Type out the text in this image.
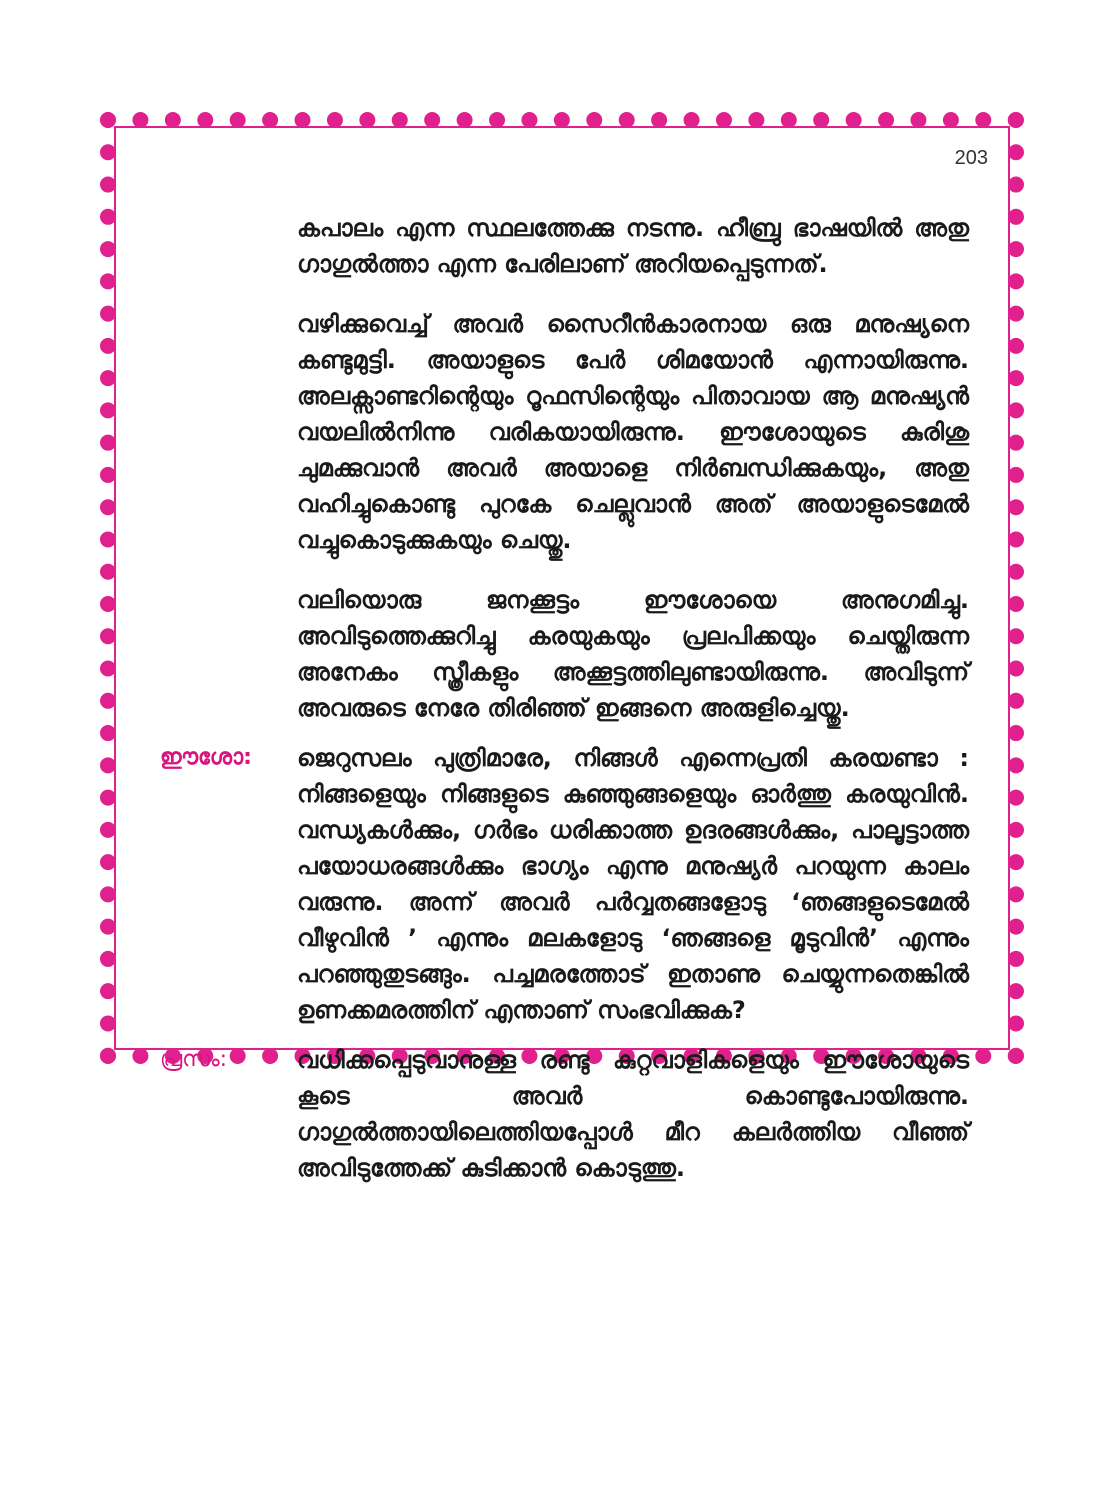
203

കപാലം എന്ന സ്ഥലത്തേക്കു നടന്നു. ഹീബ്രു ഭാഷയിൽ അതു ഗാഗുൽത്താ എന്ന പേരിലാണ് അറിയപ്പെടുന്നത്.

വഴിക്കുവെച്ച് അവർ സൈറീൻകാരനായ ഒരു മനുഷ്യനെ കണ്ടുമുട്ടി. അയാളുടെ പേർ ശിമയോൻ എന്നായിരുന്നു. അലക്സാണ്ടറിന്റെയും റൂഫസിന്റെയും പിതാവായ ആ മനുഷ്യൻ വയലിൽനിന്നു വരികയായിരുന്നു. ഈശോയുടെ കുരിശു ചുമക്കുവാൻ അവർ അയാളെ നിർബന്ധിക്കുകയും, അതു വഹിച്ചുകൊണ്ടു പുറകേ ചെല്ലുവാൻ അത് അയാളുടെമേൽ വച്ചുകൊടുക്കുകയും ചെയ്തു.

വലിയൊരു ജനക്കൂട്ടം ഈശോയെ അനുഗമിച്ചു. അവിടുത്തെക്കുറിച്ചു കരയുകയും പ്രലപിക്കയും ചെയ്തിരുന്ന അനേകം സ്ത്രീകളും അക്കൂട്ടത്തിലുണ്ടായിരുന്നു. അവിടുന്ന് അവരുടെ നേരേ തിരിഞ്ഞ് ഇങ്ങനെ അരുളിച്ചെയ്തു.

ഈശോ:	ജെറുസലം പുത്രിമാരേ, നിങ്ങൾ എന്നെപ്രതി കരയണ്ടാ : നിങ്ങളെയും നിങ്ങളുടെ കുഞ്ഞുങ്ങളെയും ഓർത്തു കരയുവിൻ. വന്ധ്യകൾക്കും, ഗർഭം ധരിക്കാത്ത ഉദരങ്ങൾക്കും, പാലൂട്ടാത്ത പയോധരങ്ങൾക്കും ഭാഗ്യം എന്നു മനുഷ്യർ പറയുന്ന കാലം വരുന്നു. അന്ന് അവർ പർവ്വതങ്ങളോടു ‘ഞങ്ങളുടെമേൽ വീഴുവിൻ ’ എന്നും മലകളോടു ‘ഞങ്ങളെ മൂടുവിൻ’ എന്നും പറഞ്ഞുതുടങ്ങും. പച്ചമരത്തോട് ഇതാണു ചെയ്യുന്നതെങ്കിൽ ഉണക്കമരത്തിന് എന്താണ് സംഭവിക്കുക?
പ്രസം:	വധിക്കപ്പെടുവാനുള്ള രണ്ടു കുറ്റവാളികളെയും ഈശോയുടെ കൂടെ അവർ കൊണ്ടുപോയിരുന്നു. ഗാഗുൽത്തായിലെത്തിയപ്പോൾ മീറ കലർത്തിയ വീഞ്ഞ് അവിടുത്തേക്ക് കുടിക്കാൻ കൊടുത്തു.
